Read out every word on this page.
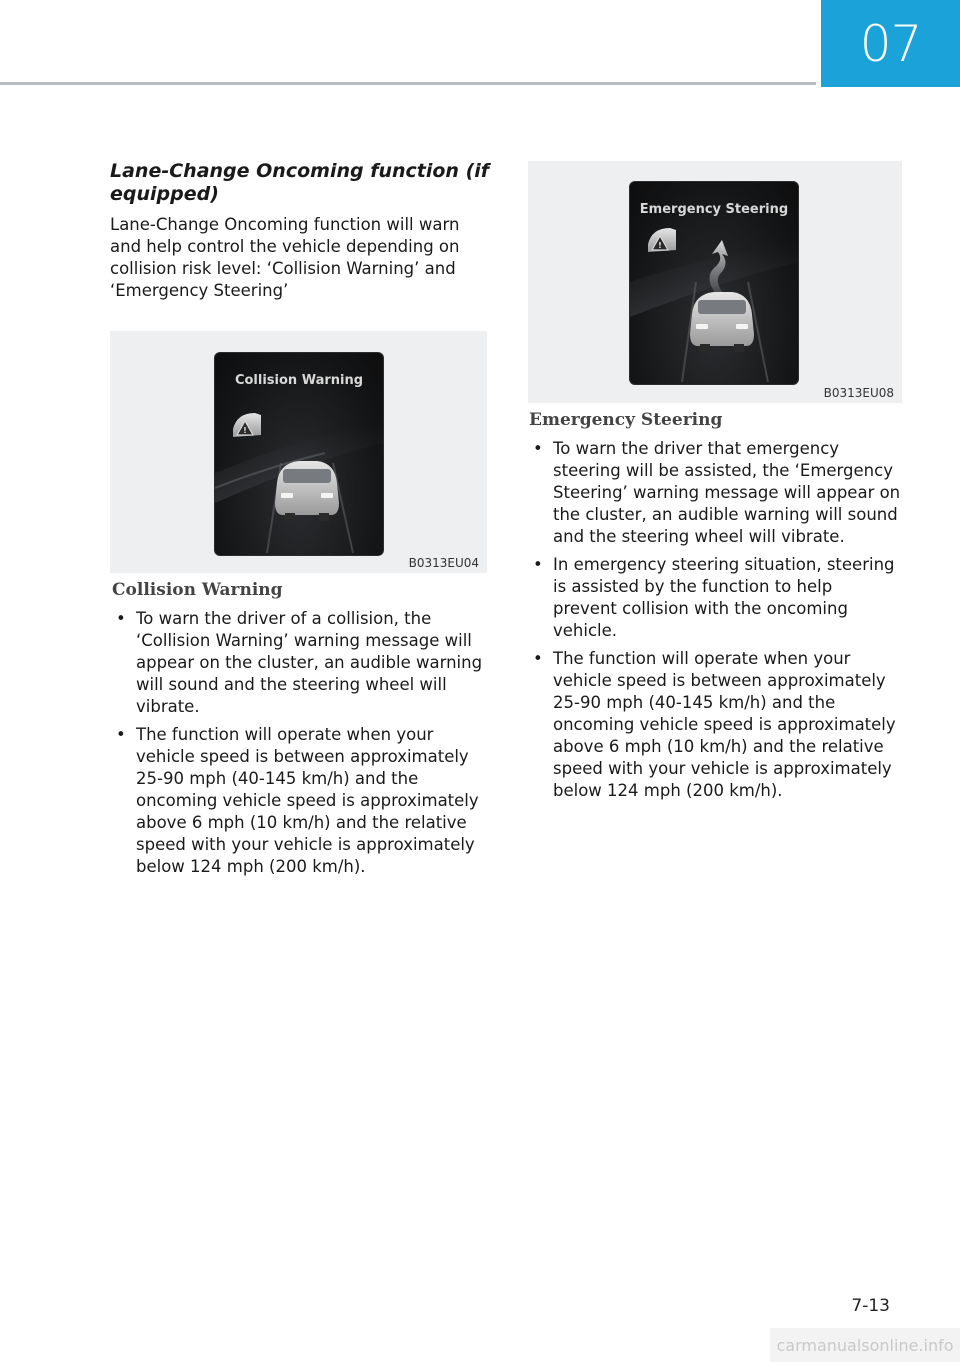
07
Lane-Change Oncoming function (if equipped)

Lane-Change Oncoming function will warn and help control the vehicle depending on collision risk level: ‘Collision Warning’ and ‘Emergency Steering’

Collision Warning
!
B0313EU04
Emergency Steering
!
B0313EU08
Collision Warning
• To warn the driver of a collision, the ‘Collision Warning’ warning message will appear on the cluster, an audible warning will sound and the steering wheel will vibrate.
• The function will operate when your vehicle speed is between approximately 25-90 mph (40-145 km/h) and the oncoming vehicle speed is approximately above 6 mph (10 km/h) and the relative speed with your vehicle is approximately below 124 mph (200 km/h).
Emergency Steering
• To warn the driver that emergency steering will be assisted, the ‘Emergency Steering’ warning message will appear on the cluster, an audible warning will sound and the steering wheel will vibrate.
• In emergency steering situation, steering is assisted by the function to help prevent collision with the oncoming vehicle.
• The function will operate when your vehicle speed is between approximately 25-90 mph (40-145 km/h) and the oncoming vehicle speed is approximately above 6 mph (10 km/h) and the relative speed with your vehicle is approximately below 124 mph (200 km/h).
7-13
carmanualsonline.info
